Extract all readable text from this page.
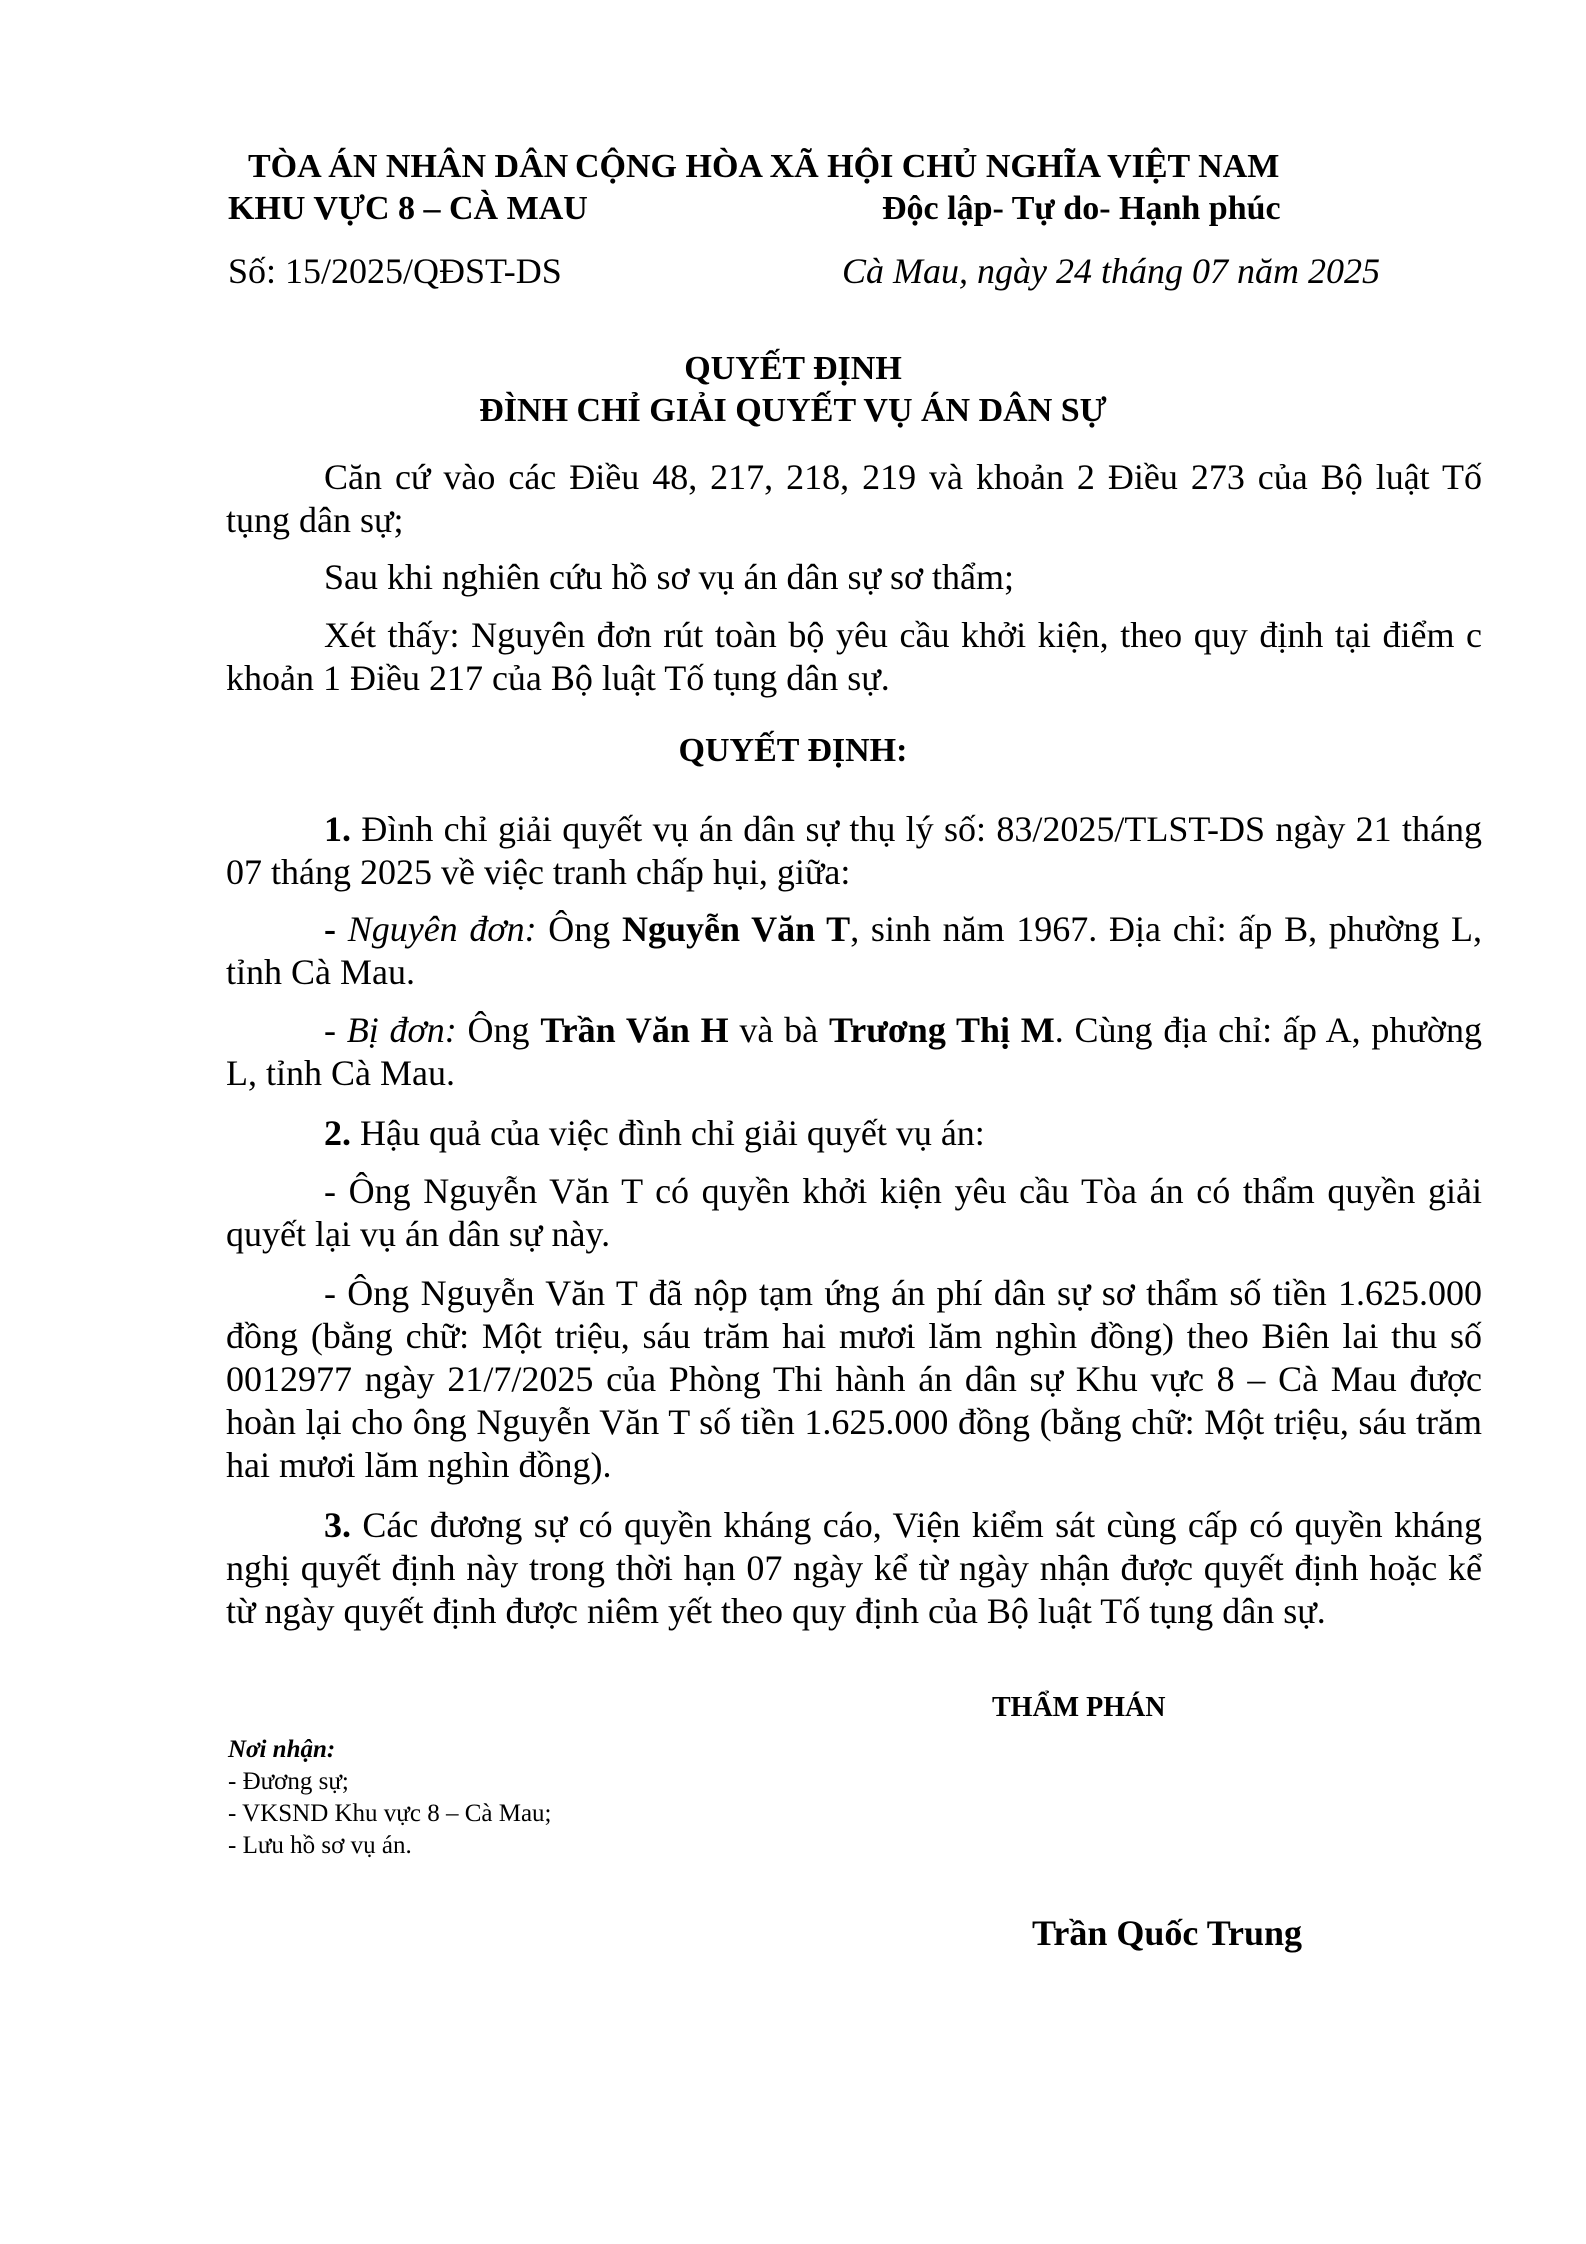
TÒA ÁN NHÂN DÂN
KHU VỰC 8 – CÀ MAU
CỘNG HÒA XÃ HỘI CHỦ NGHĨA VIỆT NAM
Độc lập- Tự do- Hạnh phúc
Số: 15/2025/QĐST-DS	Cà Mau, ngày 24 tháng 07 năm 2025
QUYẾT ĐỊNH
ĐÌNH CHỈ GIẢI QUYẾT VỤ ÁN DÂN SỰ

Căn cứ vào các Điều 48, 217, 218, 219 và khoản 2 Điều 273 của Bộ luật Tố tụng dân sự;

Sau khi nghiên cứu hồ sơ vụ án dân sự sơ thẩm;

Xét thấy: Nguyên đơn rút toàn bộ yêu cầu khởi kiện, theo quy định tại điểm c khoản 1 Điều 217 của Bộ luật Tố tụng dân sự.

QUYẾT ĐỊNH:

1. Đình chỉ giải quyết vụ án dân sự thụ lý số: 83/2025/TLST-DS ngày 21 tháng 07 tháng 2025 về việc tranh chấp hụi, giữa:

- Nguyên đơn: Ông Nguyễn Văn T, sinh năm 1967. Địa chỉ: ấp B, phường L, tỉnh Cà Mau.

- Bị đơn: Ông Trần Văn H và bà Trương Thị M. Cùng địa chỉ: ấp A, phường L, tỉnh Cà Mau.

2. Hậu quả của việc đình chỉ giải quyết vụ án:

- Ông Nguyễn Văn T có quyền khởi kiện yêu cầu Tòa án có thẩm quyền giải quyết lại vụ án dân sự này.

- Ông Nguyễn Văn T đã nộp tạm ứng án phí dân sự sơ thẩm số tiền 1.625.000 đồng (bằng chữ: Một triệu, sáu trăm hai mươi lăm nghìn đồng) theo Biên lai thu số 0012977 ngày 21/7/2025 của Phòng Thi hành án dân sự Khu vực 8 – Cà Mau được hoàn lại cho ông Nguyễn Văn T số tiền 1.625.000 đồng (bằng chữ: Một triệu, sáu trăm hai mươi lăm nghìn đồng).

3. Các đương sự có quyền kháng cáo, Viện kiểm sát cùng cấp có quyền kháng nghị quyết định này trong thời hạn 07 ngày kể từ ngày nhận được quyết định hoặc kể từ ngày quyết định được niêm yết theo quy định của Bộ luật Tố tụng dân sự.

THẨM PHÁN
Nơi nhận:
- Đương sự;
- VKSND Khu vực 8 – Cà Mau;
- Lưu hồ sơ vụ án.
Trần Quốc Trung
